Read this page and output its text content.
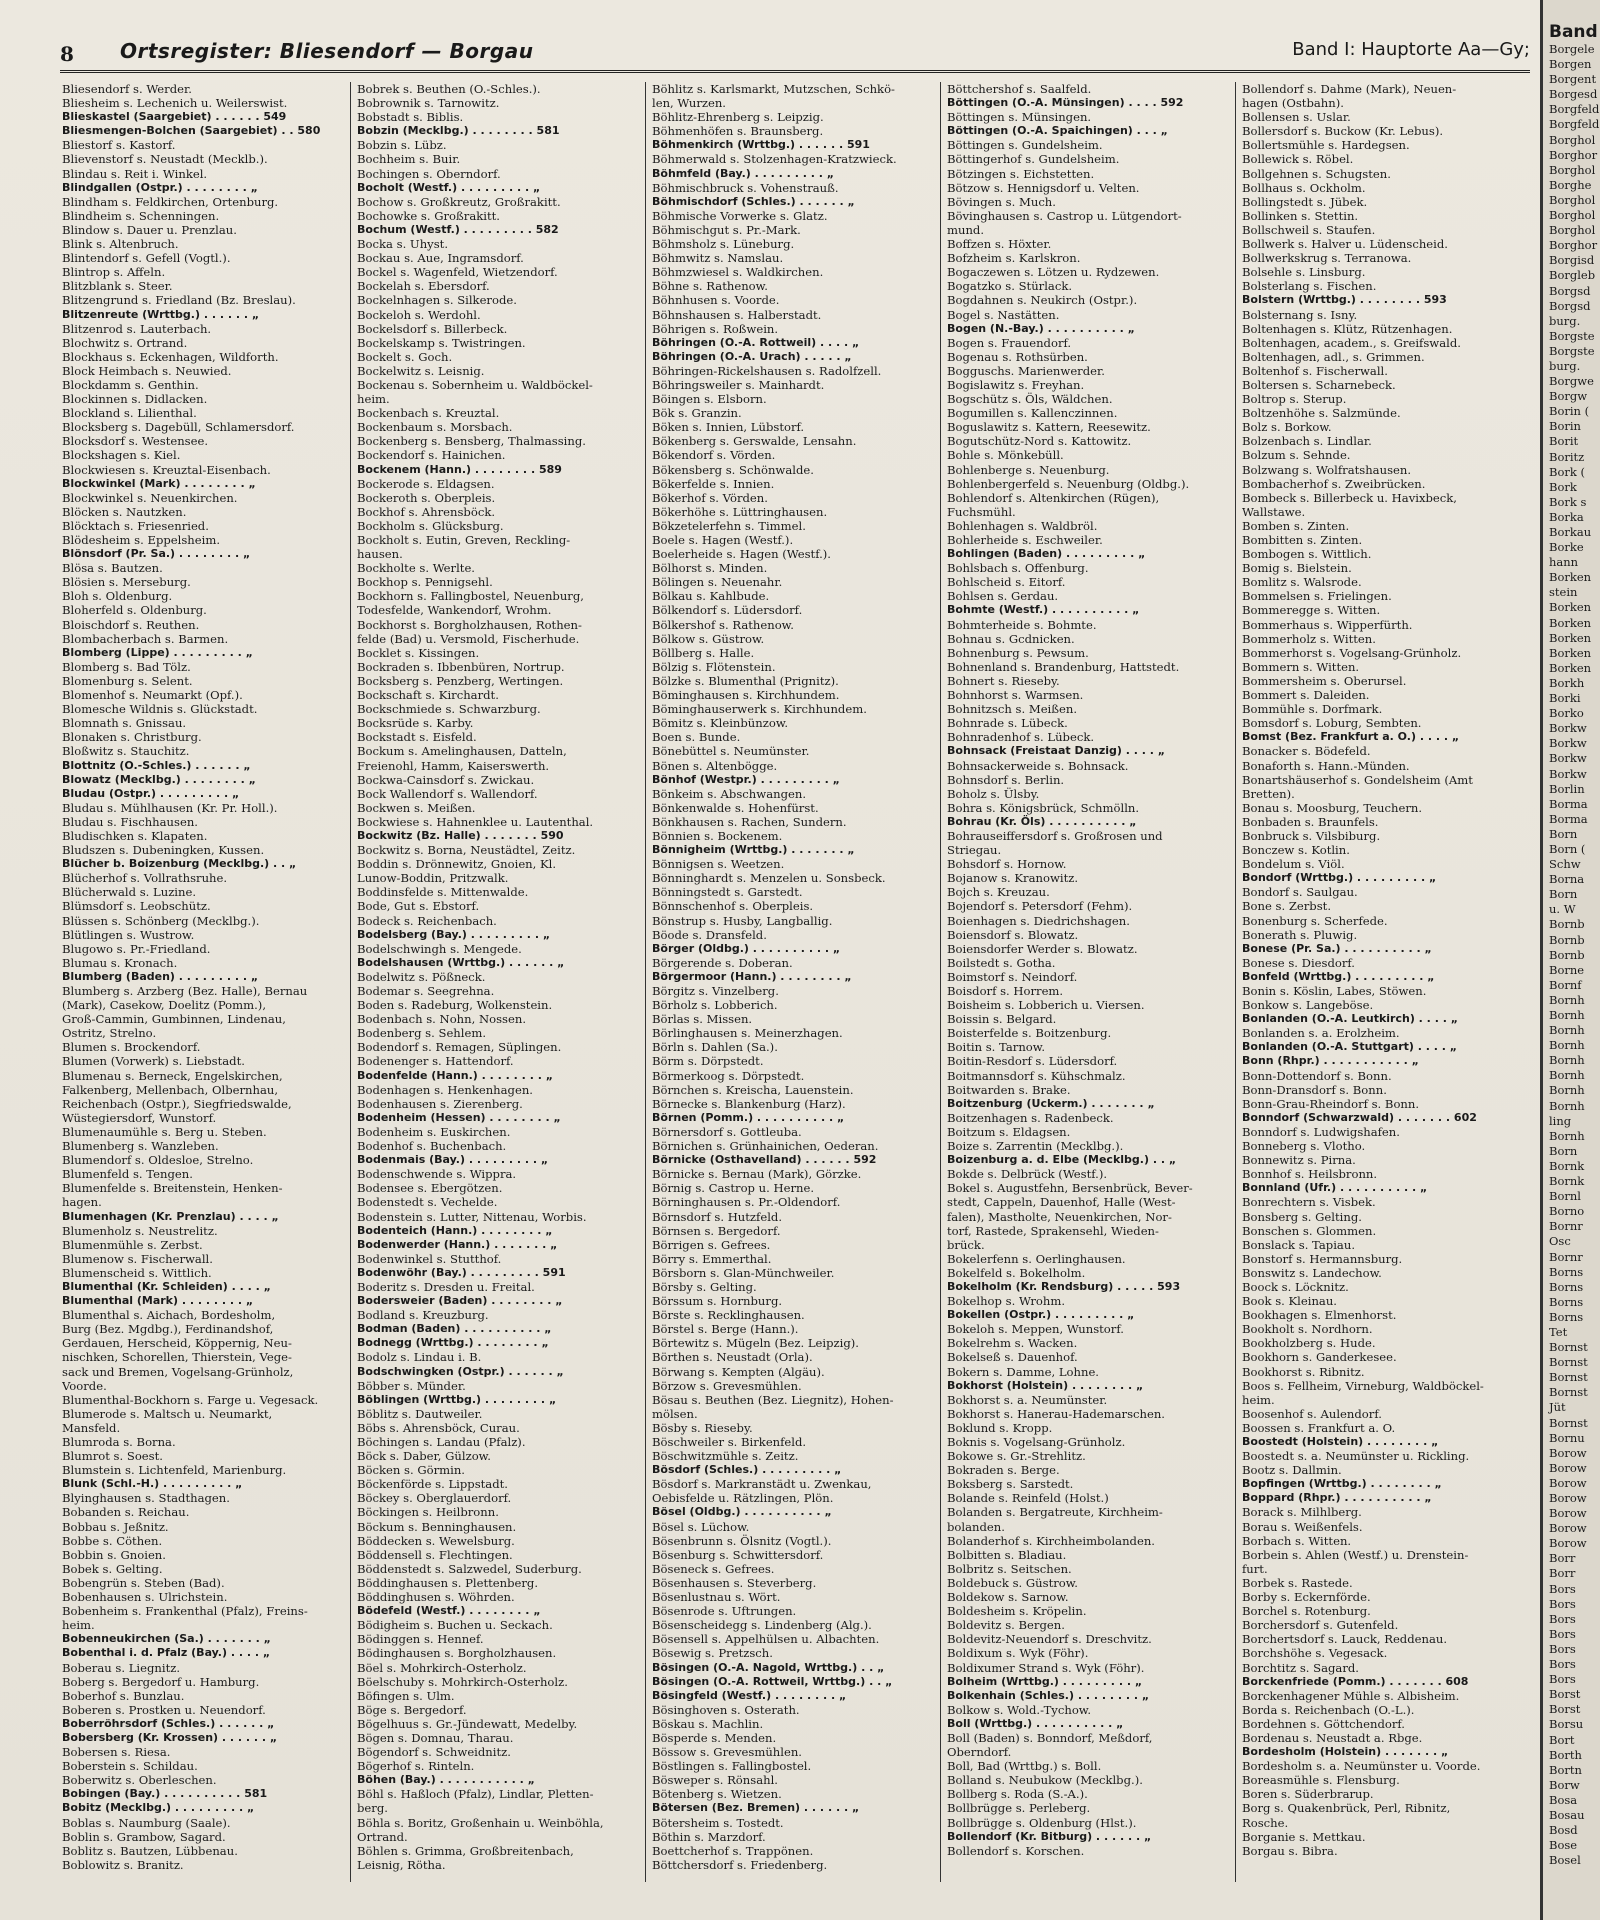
8 Ortsregister: Bliesendorf — Borgau	Band I: Hauptorte Aa—Gy;
Bliesendorf s. Werder.
Bliesheim s. Lechenich u. Weilerswist.
Blieskastel (Saargebiet) . . . . . . 549
Bliesmengen-Bolchen (Saargebiet) . . 580
Bliestorf s. Kastorf.
Blievenstorf s. Neustadt (Mecklb.).
Blindau s. Reit i. Winkel.
Blindgallen (Ostpr.) . . . . . . . . „
Blindham s. Feldkirchen, Ortenburg.
Blindheim s. Schenningen.
Blindow s. Dauer u. Prenzlau.
Blink s. Altenbruch.
Blintendorf s. Gefell (Vogtl.).
Blintrop s. Affeln.
Blitzblank s. Steer.
Blitzengrund s. Friedland (Bz. Breslau).
Blitzenreute (Wrttbg.) . . . . . . „
Blitzenrod s. Lauterbach.
Blochwitz s. Ortrand.
Blockhaus s. Eckenhagen, Wildforth.
Block Heimbach s. Neuwied.
Blockdamm s. Genthin.
Blockinnen s. Didlacken.
Blockland s. Lilienthal.
Blocksberg s. Dagebüll, Schlamersdorf.
Blocksdorf s. Westensee.
Blockshagen s. Kiel.
Blockwiesen s. Kreuztal-Eisenbach.
Blockwinkel (Mark) . . . . . . . . „
Blockwinkel s. Neuenkirchen.
Blöcken s. Nautzken.
Blöcktach s. Friesenried.
Blödesheim s. Eppelsheim.
Blönsdorf (Pr. Sa.) . . . . . . . . „
Blösa s. Bautzen.
Blösien s. Merseburg.
Bloh s. Oldenburg.
Bloherfeld s. Oldenburg.
Bloischdorf s. Reuthen.
Blombacherbach s. Barmen.
Blomberg (Lippe) . . . . . . . . . „
Blomberg s. Bad Tölz.
Blomenburg s. Selent.
Blomenhof s. Neumarkt (Opf.).
Blomesche Wildnis s. Glückstadt.
Blomnath s. Gnissau.
Blonaken s. Christburg.
Bloßwitz s. Stauchitz.
Blottnitz (O.-Schles.) . . . . . . „
Blowatz (Mecklbg.) . . . . . . . . „
Bludau (Ostpr.) . . . . . . . . . „
Bludau s. Mühlhausen (Kr. Pr. Holl.).
Bludau s. Fischhausen.
Bludischken s. Klapaten.
Bludszen s. Dubeningken, Kussen.
Blücher b. Boizenburg (Mecklbg.) . . „
Blücherhof s. Vollrathsruhe.
Blücherwald s. Luzine.
Blümsdorf s. Leobschütz.
Blüssen s. Schönberg (Mecklbg.).
Blütlingen s. Wustrow.
Blugowo s. Pr.-Friedland.
Blumau s. Kronach.
Blumberg (Baden) . . . . . . . . . „
Blumberg s. Arzberg (Bez. Halle), Bernau
(Mark), Casekow, Doelitz (Pomm.),
Groß-Cammin, Gumbinnen, Lindenau,
Ostritz, Strelno.
Blumen s. Brockendorf.
Blumen (Vorwerk) s. Liebstadt.
Blumenau s. Berneck, Engelskirchen,
Falkenberg, Mellenbach, Olbernhau,
Reichenbach (Ostpr.), Siegfriedswalde,
Wüstegiersdorf, Wunstorf.
Blumenaumühle s. Berg u. Steben.
Blumenberg s. Wanzleben.
Blumendorf s. Oldesloe, Strelno.
Blumenfeld s. Tengen.
Blumenfelde s. Breitenstein, Henken-
hagen.
Blumenhagen (Kr. Prenzlau) . . . . „
Blumenholz s. Neustrelitz.
Blumenmühle s. Zerbst.
Blumenow s. Fischerwall.
Blumenscheid s. Wittlich.
Blumenthal (Kr. Schleiden) . . . . „
Blumenthal (Mark) . . . . . . . . „
Blumenthal s. Aichach, Bordesholm,
Burg (Bez. Mgdbg.), Ferdinandshof,
Gerdauen, Herscheid, Köppernig, Neu-
nischken, Schorellen, Thierstein, Vege-
sack und Bremen, Vogelsang-Grünholz,
Voorde.
Blumenthal-Bockhorn s. Farge u. Vegesack.
Blumerode s. Maltsch u. Neumarkt,
Mansfeld.
Blumroda s. Borna.
Blumrot s. Soest.
Blumstein s. Lichtenfeld, Marienburg.
Blunk (Schl.-H.) . . . . . . . . . „
Blyinghausen s. Stadthagen.
Bobanden s. Reichau.
Bobbau s. Jeßnitz.
Bobbe s. Cöthen.
Bobbin s. Gnoien.
Bobek s. Gelting.
Bobengrün s. Steben (Bad).
Bobenhausen s. Ulrichstein.
Bobenheim s. Frankenthal (Pfalz), Freins-
heim.
Bobenneukirchen (Sa.) . . . . . . . „
Bobenthal i. d. Pfalz (Bay.) . . . . „
Boberau s. Liegnitz.
Boberg s. Bergedorf u. Hamburg.
Boberhof s. Bunzlau.
Boberen s. Prostken u. Neuendorf.
Boberröhrsdorf (Schles.) . . . . . . „
Bobersberg (Kr. Krossen) . . . . . . „
Bobersen s. Riesa.
Boberstein s. Schildau.
Boberwitz s. Oberleschen.
Bobingen (Bay.) . . . . . . . . . . 581
Bobitz (Mecklbg.) . . . . . . . . . „
Boblas s. Naumburg (Saale).
Boblin s. Grambow, Sagard.
Boblitz s. Bautzen, Lübbenau.
Boblowitz s. Branitz.
Bobrek s. Beuthen (O.-Schles.).
Bobrownik s. Tarnowitz.
Bobstadt s. Biblis.
Bobzin (Mecklbg.) . . . . . . . . 581
Bobzin s. Lübz.
Bochheim s. Buir.
Bochingen s. Oberndorf.
Bocholt (Westf.) . . . . . . . . . „
Bochow s. Großkreutz, Großrakitt.
Bochowke s. Großrakitt.
Bochum (Westf.) . . . . . . . . . 582
Bocka s. Uhyst.
Bockau s. Aue, Ingramsdorf.
Bockel s. Wagenfeld, Wietzendorf.
Bockelah s. Ebersdorf.
Bockelnhagen s. Silkerode.
Bockeloh s. Werdohl.
Bockelsdorf s. Billerbeck.
Bockelskamp s. Twistringen.
Bockelt s. Goch.
Bockelwitz s. Leisnig.
Bockenau s. Sobernheim u. Waldböckel-
heim.
Bockenbach s. Kreuztal.
Bockenbaum s. Morsbach.
Bockenberg s. Bensberg, Thalmassing.
Bockendorf s. Hainichen.
Bockenem (Hann.) . . . . . . . . 589
Bockerode s. Eldagsen.
Bockeroth s. Oberpleis.
Bockhof s. Ahrensböck.
Bockholm s. Glücksburg.
Bockholt s. Eutin, Greven, Reckling-
hausen.
Bockholte s. Werlte.
Bockhop s. Pennigsehl.
Bockhorn s. Fallingbostel, Neuenburg,
Todesfelde, Wankendorf, Wrohm.
Bockhorst s. Borgholzhausen, Rothen-
felde (Bad) u. Versmold, Fischerhude.
Bocklet s. Kissingen.
Bockraden s. Ibbenbüren, Nortrup.
Bocksberg s. Penzberg, Wertingen.
Bockschaft s. Kirchardt.
Bockschmiede s. Schwarzburg.
Bocksrüde s. Karby.
Bockstadt s. Eisfeld.
Bockum s. Amelinghausen, Datteln,
Freienohl, Hamm, Kaiserswerth.
Bockwa-Cainsdorf s. Zwickau.
Bock Wallendorf s. Wallendorf.
Bockwen s. Meißen.
Bockwiese s. Hahnenklee u. Lautenthal.
Bockwitz (Bz. Halle) . . . . . . . 590
Bockwitz s. Borna, Neustädtel, Zeitz.
Boddin s. Drönnewitz, Gnoien, Kl.
Lunow-Boddin, Pritzwalk.
Boddinsfelde s. Mittenwalde.
Bode, Gut s. Ebstorf.
Bodeck s. Reichenbach.
Bodelsberg (Bay.) . . . . . . . . . „
Bodelschwingh s. Mengede.
Bodelshausen (Wrttbg.) . . . . . . „
Bodelwitz s. Pößneck.
Bodemar s. Seegrehna.
Boden s. Radeburg, Wolkenstein.
Bodenbach s. Nohn, Nossen.
Bodenberg s. Sehlem.
Bodendorf s. Remagen, Süplingen.
Bodenenger s. Hattendorf.
Bodenfelde (Hann.) . . . . . . . . „
Bodenhagen s. Henkenhagen.
Bodenhausen s. Zierenberg.
Bodenheim (Hessen) . . . . . . . . „
Bodenheim s. Euskirchen.
Bodenhof s. Buchenbach.
Bodenmais (Bay.) . . . . . . . . . „
Bodenschwende s. Wippra.
Bodensee s. Ebergötzen.
Bodenstedt s. Vechelde.
Bodenstein s. Lutter, Nittenau, Worbis.
Bodenteich (Hann.) . . . . . . . . „
Bodenwerder (Hann.) . . . . . . . „
Bodenwinkel s. Stutthof.
Bodenwöhr (Bay.) . . . . . . . . . 591
Boderitz s. Dresden u. Freital.
Bodersweier (Baden) . . . . . . . . „
Bodland s. Kreuzburg.
Bodman (Baden) . . . . . . . . . . „
Bodnegg (Wrttbg.) . . . . . . . . „
Bodolz s. Lindau i. B.
Bodschwingken (Ostpr.) . . . . . . „
Böbber s. Münder.
Böblingen (Wrttbg.) . . . . . . . . „
Böblitz s. Dautweiler.
Böbs s. Ahrensböck, Curau.
Böchingen s. Landau (Pfalz).
Böck s. Daber, Gülzow.
Böcken s. Görmin.
Böckenförde s. Lippstadt.
Böckey s. Oberglauerdorf.
Böckingen s. Heilbronn.
Böckum s. Benninghausen.
Böddecken s. Wewelsburg.
Böddensell s. Flechtingen.
Böddenstedt s. Salzwedel, Suderburg.
Böddinghausen s. Plettenberg.
Böddinghusen s. Wöhrden.
Bödefeld (Westf.) . . . . . . . . „
Bödigheim s. Buchen u. Seckach.
Bödinggen s. Hennef.
Bödinghausen s. Borgholzhausen.
Böel s. Mohrkirch-Osterholz.
Böelschuby s. Mohrkirch-Osterholz.
Böfingen s. Ulm.
Böge s. Bergedorf.
Bögelhuus s. Gr.-Jündewatt, Medelby.
Bögen s. Domnau, Tharau.
Bögendorf s. Schweidnitz.
Bögerhof s. Rinteln.
Böhen (Bay.) . . . . . . . . . . . „
Böhl s. Haßloch (Pfalz), Lindlar, Pletten-
berg.
Böhla s. Boritz, Großenhain u. Weinböhla,
Ortrand.
Böhlen s. Grimma, Großbreitenbach,
Leisnig, Rötha.
Böhlitz s. Karlsmarkt, Mutzschen, Schkö-
len, Wurzen.
Böhlitz-Ehrenberg s. Leipzig.
Böhmenhöfen s. Braunsberg.
Böhmenkirch (Wrttbg.) . . . . . . 591
Böhmerwald s. Stolzenhagen-Kratzwieck.
Böhmfeld (Bay.) . . . . . . . . . „
Böhmischbruck s. Vohenstrauß.
Böhmischdorf (Schles.) . . . . . . „
Böhmische Vorwerke s. Glatz.
Böhmischgut s. Pr.-Mark.
Böhmsholz s. Lüneburg.
Böhmwitz s. Namslau.
Böhmzwiesel s. Waldkirchen.
Böhne s. Rathenow.
Böhnhusen s. Voorde.
Böhnshausen s. Halberstadt.
Böhrigen s. Roßwein.
Böhringen (O.-A. Rottweil) . . . . „
Böhringen (O.-A. Urach) . . . . . „
Böhringen-Rickelshausen s. Radolfzell.
Böhringsweiler s. Mainhardt.
Böingen s. Elsborn.
Bök s. Granzin.
Böken s. Innien, Lübstorf.
Bökenberg s. Gerswalde, Lensahn.
Bökendorf s. Vörden.
Bökensberg s. Schönwalde.
Bökerfelde s. Innien.
Bökerhof s. Vörden.
Bökerhöhe s. Lüttringhausen.
Bökzetelerfehn s. Timmel.
Boele s. Hagen (Westf.).
Boelerheide s. Hagen (Westf.).
Bölhorst s. Minden.
Bölingen s. Neuenahr.
Bölkau s. Kahlbude.
Bölkendorf s. Lüdersdorf.
Bölkershof s. Rathenow.
Bölkow s. Güstrow.
Böllberg s. Halle.
Bölzig s. Flötenstein.
Bölzke s. Blumenthal (Prignitz).
Böminghausen s. Kirchhundem.
Böminghauserwerk s. Kirchhundem.
Bömitz s. Kleinbünzow.
Boen s. Bunde.
Bönebüttel s. Neumünster.
Bönen s. Altenbögge.
Bönhof (Westpr.) . . . . . . . . . „
Bönkeim s. Abschwangen.
Bönkenwalde s. Hohenfürst.
Bönkhausen s. Rachen, Sundern.
Bönnien s. Bockenem.
Bönnigheim (Wrttbg.) . . . . . . . „
Bönnigsen s. Weetzen.
Bönninghardt s. Menzelen u. Sonsbeck.
Bönningstedt s. Garstedt.
Bönnschenhof s. Oberpleis.
Bönstrup s. Husby, Langballig.
Böode s. Dransfeld.
Börger (Oldbg.) . . . . . . . . . . „
Börgerende s. Doberan.
Börgermoor (Hann.) . . . . . . . . „
Börgitz s. Vinzelberg.
Börholz s. Lobberich.
Börlas s. Missen.
Börlinghausen s. Meinerzhagen.
Börln s. Dahlen (Sa.).
Börm s. Dörpstedt.
Börmerkoog s. Dörpstedt.
Börnchen s. Kreischa, Lauenstein.
Börnecke s. Blankenburg (Harz).
Börnen (Pomm.) . . . . . . . . . . „
Börnersdorf s. Gottleuba.
Börnichen s. Grünhainichen, Oederan.
Börnicke (Osthavelland) . . . . . . 592
Börnicke s. Bernau (Mark), Görzke.
Börnig s. Castrop u. Herne.
Börninghausen s. Pr.-Oldendorf.
Börnsdorf s. Hutzfeld.
Börnsen s. Bergedorf.
Börrigen s. Gefrees.
Börry s. Emmerthal.
Börsborn s. Glan-Münchweiler.
Börsby s. Gelting.
Börssum s. Hornburg.
Börste s. Recklinghausen.
Börstel s. Berge (Hann.).
Börtewitz s. Mügeln (Bez. Leipzig).
Börthen s. Neustadt (Orla).
Börwang s. Kempten (Algäu).
Börzow s. Grevesmühlen.
Bösau s. Beuthen (Bez. Liegnitz), Hohen-
mölsen.
Bösby s. Rieseby.
Böschweiler s. Birkenfeld.
Böschwitzmühle s. Zeitz.
Bösdorf (Schles.) . . . . . . . . . „
Bösdorf s. Markranstädt u. Zwenkau,
Oebisfelde u. Rätzlingen, Plön.
Bösel (Oldbg.) . . . . . . . . . . „
Bösel s. Lüchow.
Bösenbrunn s. Ölsnitz (Vogtl.).
Bösenburg s. Schwittersdorf.
Böseneck s. Gefrees.
Bösenhausen s. Steverberg.
Bösenlustnau s. Wört.
Bösenrode s. Uftrungen.
Bösenscheidegg s. Lindenberg (Alg.).
Bösensell s. Appelhülsen u. Albachten.
Bösewig s. Pretzsch.
Bösingen (O.-A. Nagold, Wrttbg.) . . „
Bösingen (O.-A. Rottweil, Wrttbg.) . . „
Bösingfeld (Westf.) . . . . . . . . „
Bösinghoven s. Osterath.
Böskau s. Machlin.
Bösperde s. Menden.
Bössow s. Grevesmühlen.
Böstlingen s. Fallingbostel.
Bösweper s. Rönsahl.
Bötenberg s. Wietzen.
Bötersen (Bez. Bremen) . . . . . . „
Bötersheim s. Tostedt.
Böthin s. Marzdorf.
Boettcherhof s. Trappönen.
Böttchersdorf s. Friedenberg.
Böttchershof s. Saalfeld.
Böttingen (O.-A. Münsingen) . . . . 592
Böttingen s. Münsingen.
Böttingen (O.-A. Spaichingen) . . . „
Böttingen s. Gundelsheim.
Böttingerhof s. Gundelsheim.
Bötzingen s. Eichstetten.
Bötzow s. Hennigsdorf u. Velten.
Bövingen s. Much.
Bövinghausen s. Castrop u. Lütgendort-
mund.
Boffzen s. Höxter.
Bofzheim s. Karlskron.
Bogaczewen s. Lötzen u. Rydzewen.
Bogatzko s. Stürlack.
Bogdahnen s. Neukirch (Ostpr.).
Bogel s. Nastätten.
Bogen (N.-Bay.) . . . . . . . . . . „
Bogen s. Frauendorf.
Bogenau s. Rothsürben.
Bogguschs. Marienwerder.
Bogislawitz s. Freyhan.
Bogschütz s. Öls, Wäldchen.
Bogumillen s. Kallenczinnen.
Boguslawitz s. Kattern, Reesewitz.
Bogutschütz-Nord s. Kattowitz.
Bohle s. Mönkebüll.
Bohlenberge s. Neuenburg.
Bohlenbergerfeld s. Neuenburg (Oldbg.).
Bohlendorf s. Altenkirchen (Rügen),
Fuchsmühl.
Bohlenhagen s. Waldbröl.
Bohlerheide s. Eschweiler.
Bohlingen (Baden) . . . . . . . . . „
Bohlsbach s. Offenburg.
Bohlscheid s. Eitorf.
Bohlsen s. Gerdau.
Bohmte (Westf.) . . . . . . . . . . „
Bohmterheide s. Bohmte.
Bohnau s. Gcdnicken.
Bohnenburg s. Pewsum.
Bohnenland s. Brandenburg, Hattstedt.
Bohnert s. Rieseby.
Bohnhorst s. Warmsen.
Bohnitzsch s. Meißen.
Bohnrade s. Lübeck.
Bohnradenhof s. Lübeck.
Bohnsack (Freistaat Danzig) . . . . „
Bohnsackerweide s. Bohnsack.
Bohnsdorf s. Berlin.
Boholz s. Ülsby.
Bohra s. Königsbrück, Schmölln.
Bohrau (Kr. Öls) . . . . . . . . . . „
Bohrauseiffersdorf s. Großrosen und
Striegau.
Bohsdorf s. Hornow.
Bojanow s. Kranowitz.
Bojch s. Kreuzau.
Bojendorf s. Petersdorf (Fehm).
Boienhagen s. Diedrichshagen.
Boiensdorf s. Blowatz.
Boiensdorfer Werder s. Blowatz.
Boilstedt s. Gotha.
Boimstorf s. Neindorf.
Boisdorf s. Horrem.
Boisheim s. Lobberich u. Viersen.
Boissin s. Belgard.
Boisterfelde s. Boitzenburg.
Boitin s. Tarnow.
Boitin-Resdorf s. Lüdersdorf.
Boitmannsdorf s. Kühschmalz.
Boitwarden s. Brake.
Boitzenburg (Uckerm.) . . . . . . . „
Boitzenhagen s. Radenbeck.
Boitzum s. Eldagsen.
Boize s. Zarrentin (Mecklbg.).
Boizenburg a. d. Elbe (Mecklbg.) . . „
Bokde s. Delbrück (Westf.).
Bokel s. Augustfehn, Bersenbrück, Bever-
stedt, Cappeln, Dauenhof, Halle (West-
falen), Mastholte, Neuenkirchen, Nor-
torf, Rastede, Sprakensehl, Wieden-
brück.
Bokelerfenn s. Oerlinghausen.
Bokelfeld s. Bokelholm.
Bokelholm (Kr. Rendsburg) . . . . . 593
Bokelhop s. Wrohm.
Bokellen (Ostpr.) . . . . . . . . . „
Bokeloh s. Meppen, Wunstorf.
Bokelrehm s. Wacken.
Bokelseß s. Dauenhof.
Bokern s. Damme, Lohne.
Bokhorst (Holstein) . . . . . . . . „
Bokhorst s. a. Neumünster.
Bokhorst s. Hanerau-Hademarschen.
Boklund s. Kropp.
Boknis s. Vogelsang-Grünholz.
Bokowe s. Gr.-Strehlitz.
Bokraden s. Berge.
Boksberg s. Sarstedt.
Bolande s. Reinfeld (Holst.)
Bolanden s. Bergatreute, Kirchheim-
bolanden.
Bolanderhof s. Kirchheimbolanden.
Bolbitten s. Bladiau.
Bolbritz s. Seitschen.
Boldebuck s. Güstrow.
Boldekow s. Sarnow.
Boldesheim s. Kröpelin.
Boldevitz s. Bergen.
Boldevitz-Neuendorf s. Dreschvitz.
Boldixum s. Wyk (Föhr).
Boldixumer Strand s. Wyk (Föhr).
Bolheim (Wrttbg.) . . . . . . . . . „
Bolkenhain (Schles.) . . . . . . . . „
Bolkow s. Wold.-Tychow.
Boll (Wrttbg.) . . . . . . . . . . „
Boll (Baden) s. Bonndorf, Meßdorf,
Oberndorf.
Boll, Bad (Wrttbg.) s. Boll.
Bolland s. Neubukow (Mecklbg.).
Bollberg s. Roda (S.-A.).
Bollbrügge s. Perleberg.
Bollbrügge s. Oldenburg (Hlst.).
Bollendorf (Kr. Bitburg) . . . . . . „
Bollendorf s. Korschen.
Bollendorf s. Dahme (Mark), Neuen-
hagen (Ostbahn).
Bollensen s. Uslar.
Bollersdorf s. Buckow (Kr. Lebus).
Bollertsmühle s. Hardegsen.
Bollewick s. Röbel.
Bollgehnen s. Schugsten.
Bollhaus s. Ockholm.
Bollingstedt s. Jübek.
Bollinken s. Stettin.
Bollschweil s. Staufen.
Bollwerk s. Halver u. Lüdenscheid.
Bollwerkskrug s. Terranowa.
Bolsehle s. Linsburg.
Bolsterlang s. Fischen.
Bolstern (Wrttbg.) . . . . . . . . 593
Bolsternang s. Isny.
Boltenhagen s. Klütz, Rützenhagen.
Boltenhagen, academ., s. Greifswald.
Boltenhagen, adl., s. Grimmen.
Boltenhof s. Fischerwall.
Boltersen s. Scharnebeck.
Boltrop s. Sterup.
Boltzenhöhe s. Salzmünde.
Bolz s. Borkow.
Bolzenbach s. Lindlar.
Bolzum s. Sehnde.
Bolzwang s. Wolfratshausen.
Bombacherhof s. Zweibrücken.
Bombeck s. Billerbeck u. Havixbeck,
Wallstawe.
Bomben s. Zinten.
Bombitten s. Zinten.
Bombogen s. Wittlich.
Bomig s. Bielstein.
Bomlitz s. Walsrode.
Bommelsen s. Frielingen.
Bommeregge s. Witten.
Bommerhaus s. Wipperfürth.
Bommerholz s. Witten.
Bommerhorst s. Vogelsang-Grünholz.
Bommern s. Witten.
Bommersheim s. Oberursel.
Bommert s. Daleiden.
Bommühle s. Dorfmark.
Bomsdorf s. Loburg, Sembten.
Bomst (Bez. Frankfurt a. O.) . . . . „
Bonacker s. Bödefeld.
Bonaforth s. Hann.-Münden.
Bonartshäuserhof s. Gondelsheim (Amt
Bretten).
Bonau s. Moosburg, Teuchern.
Bonbaden s. Braunfels.
Bonbruck s. Vilsbiburg.
Bonczew s. Kotlin.
Bondelum s. Viöl.
Bondorf (Wrttbg.) . . . . . . . . . „
Bondorf s. Saulgau.
Bone s. Zerbst.
Bonenburg s. Scherfede.
Bonerath s. Pluwig.
Bonese (Pr. Sa.) . . . . . . . . . . „
Bonese s. Diesdorf.
Bonfeld (Wrttbg.) . . . . . . . . . „
Bonin s. Köslin, Labes, Stöwen.
Bonkow s. Langeböse.
Bonlanden (O.-A. Leutkirch) . . . . „
Bonlanden s. a. Erolzheim.
Bonlanden (O.-A. Stuttgart) . . . . „
Bonn (Rhpr.) . . . . . . . . . . . „
Bonn-Dottendorf s. Bonn.
Bonn-Dransdorf s. Bonn.
Bonn-Grau-Rheindorf s. Bonn.
Bonndorf (Schwarzwald) . . . . . . . 602
Bonndorf s. Ludwigshafen.
Bonneberg s. Vlotho.
Bonnewitz s. Pirna.
Bonnhof s. Heilsbronn.
Bonnland (Ufr.) . . . . . . . . . . „
Bonrechtern s. Visbek.
Bonsberg s. Gelting.
Bonschen s. Glommen.
Bonslack s. Tapiau.
Bonstorf s. Hermannsburg.
Bonswitz s. Landechow.
Boock s. Löcknitz.
Book s. Kleinau.
Bookhagen s. Elmenhorst.
Bookholt s. Nordhorn.
Bookholzberg s. Hude.
Bookhorn s. Ganderkesee.
Bookhorst s. Ribnitz.
Boos s. Fellheim, Virneburg, Waldböckel-
heim.
Boosenhof s. Aulendorf.
Boossen s. Frankfurt a. O.
Boostedt (Holstein) . . . . . . . . „
Boostedt s. a. Neumünster u. Rickling.
Bootz s. Dallmin.
Bopfingen (Wrttbg.) . . . . . . . . „
Boppard (Rhpr.) . . . . . . . . . . „
Borack s. Milhlberg.
Borau s. Weißenfels.
Borbach s. Witten.
Borbein s. Ahlen (Westf.) u. Drenstein-
furt.
Borbek s. Rastede.
Borby s. Eckernförde.
Borchel s. Rotenburg.
Borchersdorf s. Gutenfeld.
Borchertsdorf s. Lauck, Reddenau.
Borchshöhe s. Vegesack.
Borchtitz s. Sagard.
Borckenfriede (Pomm.) . . . . . . . 608
Borckenhagener Mühle s. Albisheim.
Borda s. Reichenbach (O.-L.).
Bordehnen s. Göttchendorf.
Bordenau s. Neustadt a. Rbge.
Bordesholm (Holstein) . . . . . . . „
Bordesholm s. a. Neumünster u. Voorde.
Boreasmühle s. Flensburg.
Boren s. Süderbrarup.
Borg s. Quakenbrück, Perl, Ribnitz,
Rosche.
Borganie s. Mettkau.
Borgau s. Bibra.
Band
Borgele
Borgen
Borgent
Borgesd
Borgfeld
Borgfeld
Borghol
Borghor
Borghol
Borghe
Borghol
Borghol
Borghol
Borghor
Borgisd
Borgleb
Borgsd
Borgsd
burg.
Borgste
Borgste
burg.
Borgwe
Borgw
Borin (
Borin
Borit
Boritz
Bork (
Bork
Bork s
Borka
Borkau
Borke
hann
Borken
stein
Borken
Borken
Borken
Borken
Borken
Borkh
Borki
Borko
Borkw
Borkw
Borkw
Borkw
Borlin
Borma
Borma
Born
Born (
Schw
Borna
Born
u. W
Bornb
Bornb
Bornb
Borne
Bornf
Bornh
Bornh
Bornh
Bornh
Bornh
Bornh
Bornh
Bornh
ling
Bornh
Born
Bornk
Bornk
Bornl
Borno
Bornr
Osc
Bornr
Borns
Borns
Borns
Borns
Tet
Bornst
Bornst
Bornst
Bornst
Jüt
Bornst
Bornu
Borow
Borow
Borow
Borow
Borow
Borow
Borow
Borr
Borr
Bors
Bors
Bors
Bors
Bors
Bors
Bors
Borst
Borst
Borsu
Bort
Borth
Bortn
Borw
Bosa
Bosau
Bosd
Bose
Bosel
